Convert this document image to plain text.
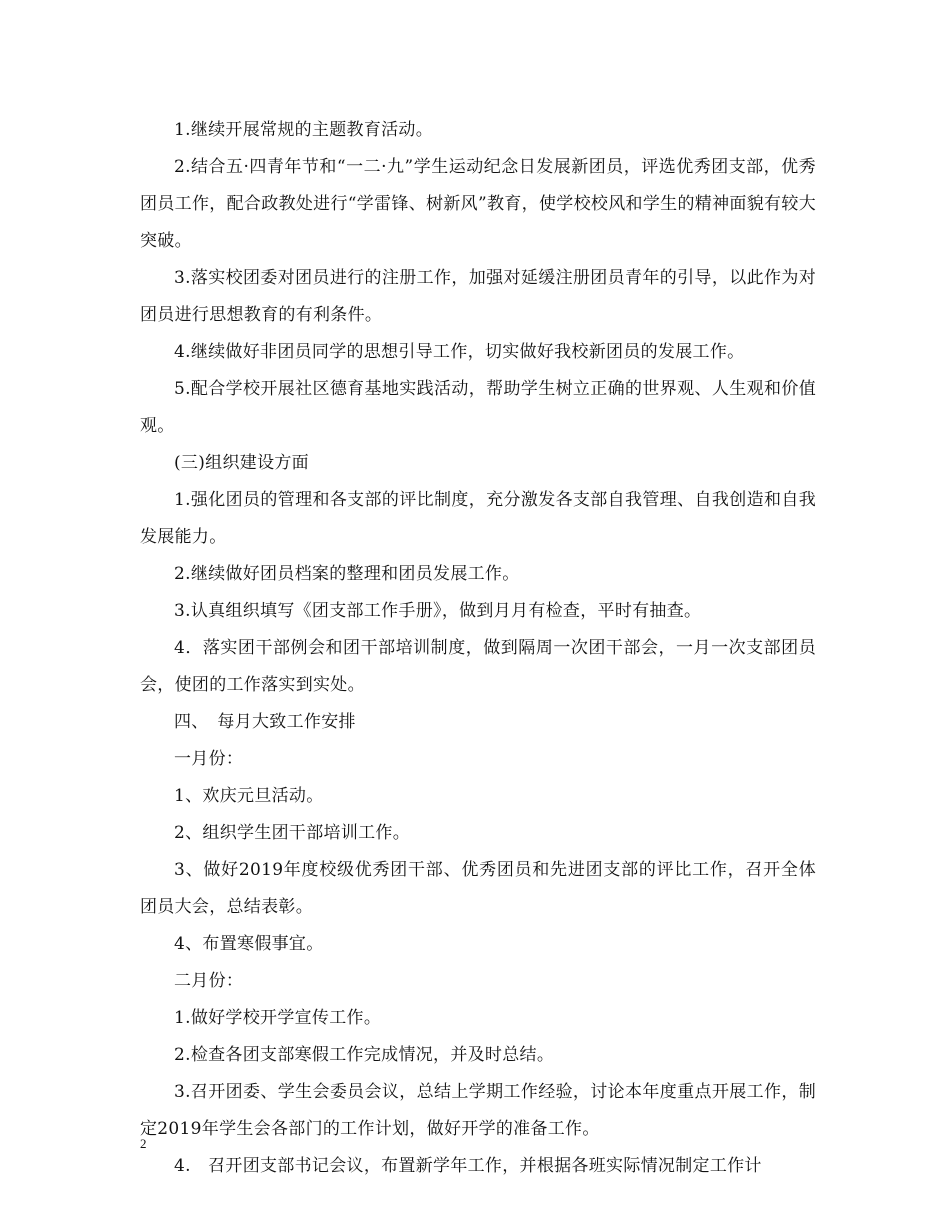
1.继续开展常规的主题教育活动。

2.结合五·四青年节和“一二·九”学生运动纪念日发展新团员，评选优秀团支部，优秀团员工作，配合政教处进行“学雷锋、树新风”教育，使学校校风和学生的精神面貌有较大突破。

3.落实校团委对团员进行的注册工作，加强对延缓注册团员青年的引导，以此作为对团员进行思想教育的有利条件。

4.继续做好非团员同学的思想引导工作，切实做好我校新团员的发展工作。

5.配合学校开展社区德育基地实践活动，帮助学生树立正确的世界观、人生观和价值观。

(三)组织建设方面

1.强化团员的管理和各支部的评比制度，充分激发各支部自我管理、自我创造和自我发展能力。

2.继续做好团员档案的整理和团员发展工作。

3.认真组织填写《团支部工作手册》，做到月月有检查，平时有抽查。

4．落实团干部例会和团干部培训制度，做到隔周一次团干部会，一月一次支部团员会，使团的工作落实到实处。

四、　每月大致工作安排

一月份：

1、欢庆元旦活动。

2、组织学生团干部培训工作。

3、做好2019年度校级优秀团干部、优秀团员和先进团支部的评比工作，召开全体团员大会，总结表彰。

4、布置寒假事宜。

二月份：

1.做好学校开学宣传工作。

2.检查各团支部寒假工作完成情况，并及时总结。

3.召开团委、学生会委员会议，总结上学期工作经验，讨论本年度重点开展工作，制定2019年学生会各部门的工作计划，做好开学的准备工作。

4.　召开团支部书记会议，布置新学年工作，并根据各班实际情况制定工作计

2
